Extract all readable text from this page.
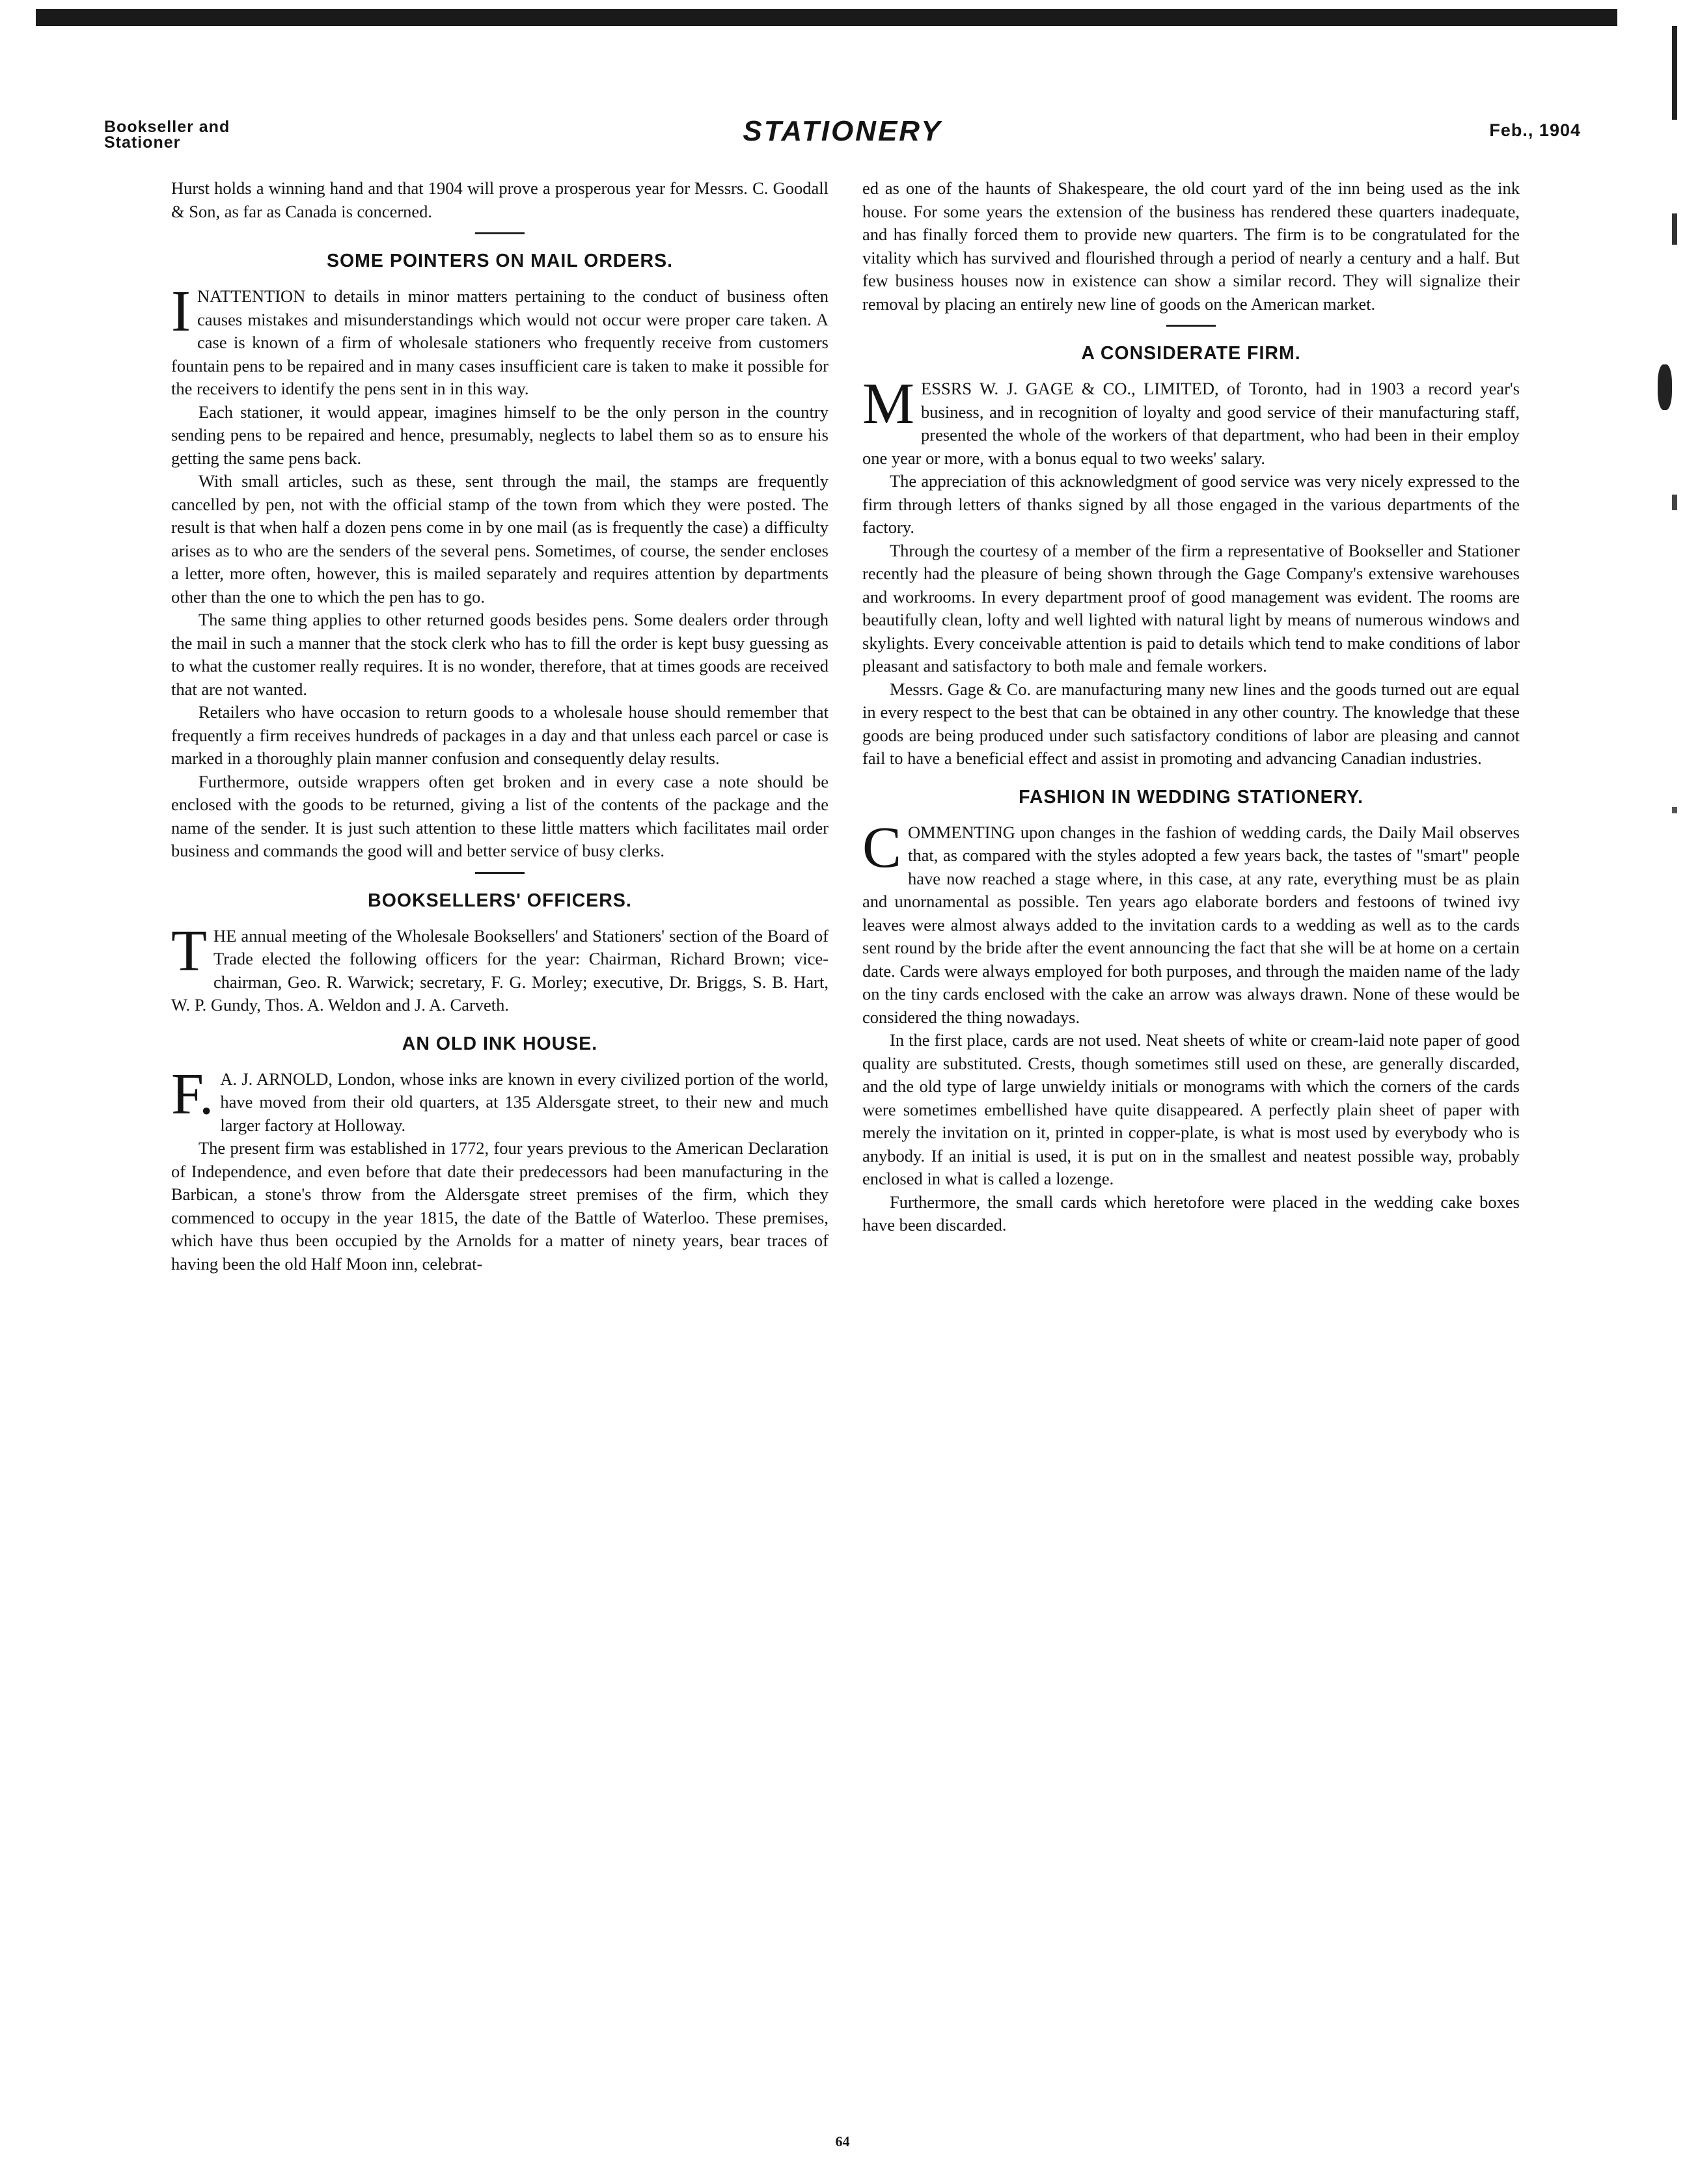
Bookseller and
Stationer	STATIONERY	Feb., 1904

Hurst holds a winning hand and that 1904 will prove a prosperous year for Messrs. C. Goodall & Son, as far as Canada is concerned.

SOME POINTERS ON MAIL ORDERS.

INATTENTION to details in minor matters pertaining to the conduct of business often causes mistakes and misunderstandings which would not occur were proper care taken. A case is known of a firm of wholesale stationers who frequently receive from customers fountain pens to be repaired and in many cases insufficient care is taken to make it possible for the receivers to identify the pens sent in in this way.

Each stationer, it would appear, imagines himself to be the only person in the country sending pens to be repaired and hence, presumably, neglects to label them so as to ensure his getting the same pens back.

With small articles, such as these, sent through the mail, the stamps are frequently cancelled by pen, not with the official stamp of the town from which they were posted. The result is that when half a dozen pens come in by one mail (as is frequently the case) a difficulty arises as to who are the senders of the several pens. Sometimes, of course, the sender encloses a letter, more often, however, this is mailed separately and requires attention by departments other than the one to which the pen has to go.

The same thing applies to other returned goods besides pens. Some dealers order through the mail in such a manner that the stock clerk who has to fill the order is kept busy guessing as to what the customer really requires. It is no wonder, therefore, that at times goods are received that are not wanted.

Retailers who have occasion to return goods to a wholesale house should remember that frequently a firm receives hundreds of packages in a day and that unless each parcel or case is marked in a thoroughly plain manner confusion and consequently delay results.

Furthermore, outside wrappers often get broken and in every case a note should be enclosed with the goods to be returned, giving a list of the contents of the package and the name of the sender. It is just such attention to these little matters which facilitates mail order business and commands the good will and better service of busy clerks.

BOOKSELLERS' OFFICERS.

THE annual meeting of the Wholesale Booksellers' and Stationers' section of the Board of Trade elected the following officers for the year: Chairman, Richard Brown; vice-chairman, Geo. R. Warwick; secretary, F. G. Morley; executive, Dr. Briggs, S. B. Hart, W. P. Gundy, Thos. A. Weldon and J. A. Carveth.

AN OLD INK HOUSE.

F.A. J. ARNOLD, London, whose inks are known in every civilized portion of the world, have moved from their old quarters, at 135 Aldersgate street, to their new and much larger factory at Holloway.

The present firm was established in 1772, four years previous to the American Declaration of Independence, and even before that date their predecessors had been manufacturing in the Barbican, a stone's throw from the Aldersgate street premises of the firm, which they commenced to occupy in the year 1815, the date of the Battle of Waterloo. These premises, which have thus been occupied by the Arnolds for a matter of ninety years, bear traces of having been the old Half Moon inn, celebrat-

ed as one of the haunts of Shakespeare, the old court yard of the inn being used as the ink house. For some years the extension of the business has rendered these quarters inadequate, and has finally forced them to provide new quarters. The firm is to be congratulated for the vitality which has survived and flourished through a period of nearly a century and a half. But few business houses now in existence can show a similar record. They will signalize their removal by placing an entirely new line of goods on the American market.

A CONSIDERATE FIRM.

MESSRS W. J. GAGE & CO., LIMITED, of Toronto, had in 1903 a record year's business, and in recognition of loyalty and good service of their manufacturing staff, presented the whole of the workers of that department, who had been in their employ one year or more, with a bonus equal to two weeks' salary.

The appreciation of this acknowledgment of good service was very nicely expressed to the firm through letters of thanks signed by all those engaged in the various departments of the factory.

Through the courtesy of a member of the firm a representative of Bookseller and Stationer recently had the pleasure of being shown through the Gage Company's extensive warehouses and workrooms. In every department proof of good management was evident. The rooms are beautifully clean, lofty and well lighted with natural light by means of numerous windows and skylights. Every conceivable attention is paid to details which tend to make conditions of labor pleasant and satisfactory to both male and female workers.

Messrs. Gage & Co. are manufacturing many new lines and the goods turned out are equal in every respect to the best that can be obtained in any other country. The knowledge that these goods are being produced under such satisfactory conditions of labor are pleasing and cannot fail to have a beneficial effect and assist in promoting and advancing Canadian industries.

FASHION IN WEDDING STATIONERY.

COMMENTING upon changes in the fashion of wedding cards, the Daily Mail observes that, as compared with the styles adopted a few years back, the tastes of "smart" people have now reached a stage where, in this case, at any rate, everything must be as plain and unornamental as possible. Ten years ago elaborate borders and festoons of twined ivy leaves were almost always added to the invitation cards to a wedding as well as to the cards sent round by the bride after the event announcing the fact that she will be at home on a certain date. Cards were always employed for both purposes, and through the maiden name of the lady on the tiny cards enclosed with the cake an arrow was always drawn. None of these would be considered the thing nowadays.

In the first place, cards are not used. Neat sheets of white or cream-laid note paper of good quality are substituted. Crests, though sometimes still used on these, are generally discarded, and the old type of large unwieldy initials or monograms with which the corners of the cards were sometimes embellished have quite disappeared. A perfectly plain sheet of paper with merely the invitation on it, printed in copper-plate, is what is most used by everybody who is anybody. If an initial is used, it is put on in the smallest and neatest possible way, probably enclosed in what is called a lozenge.

Furthermore, the small cards which heretofore were placed in the wedding cake boxes have been discarded.

64
